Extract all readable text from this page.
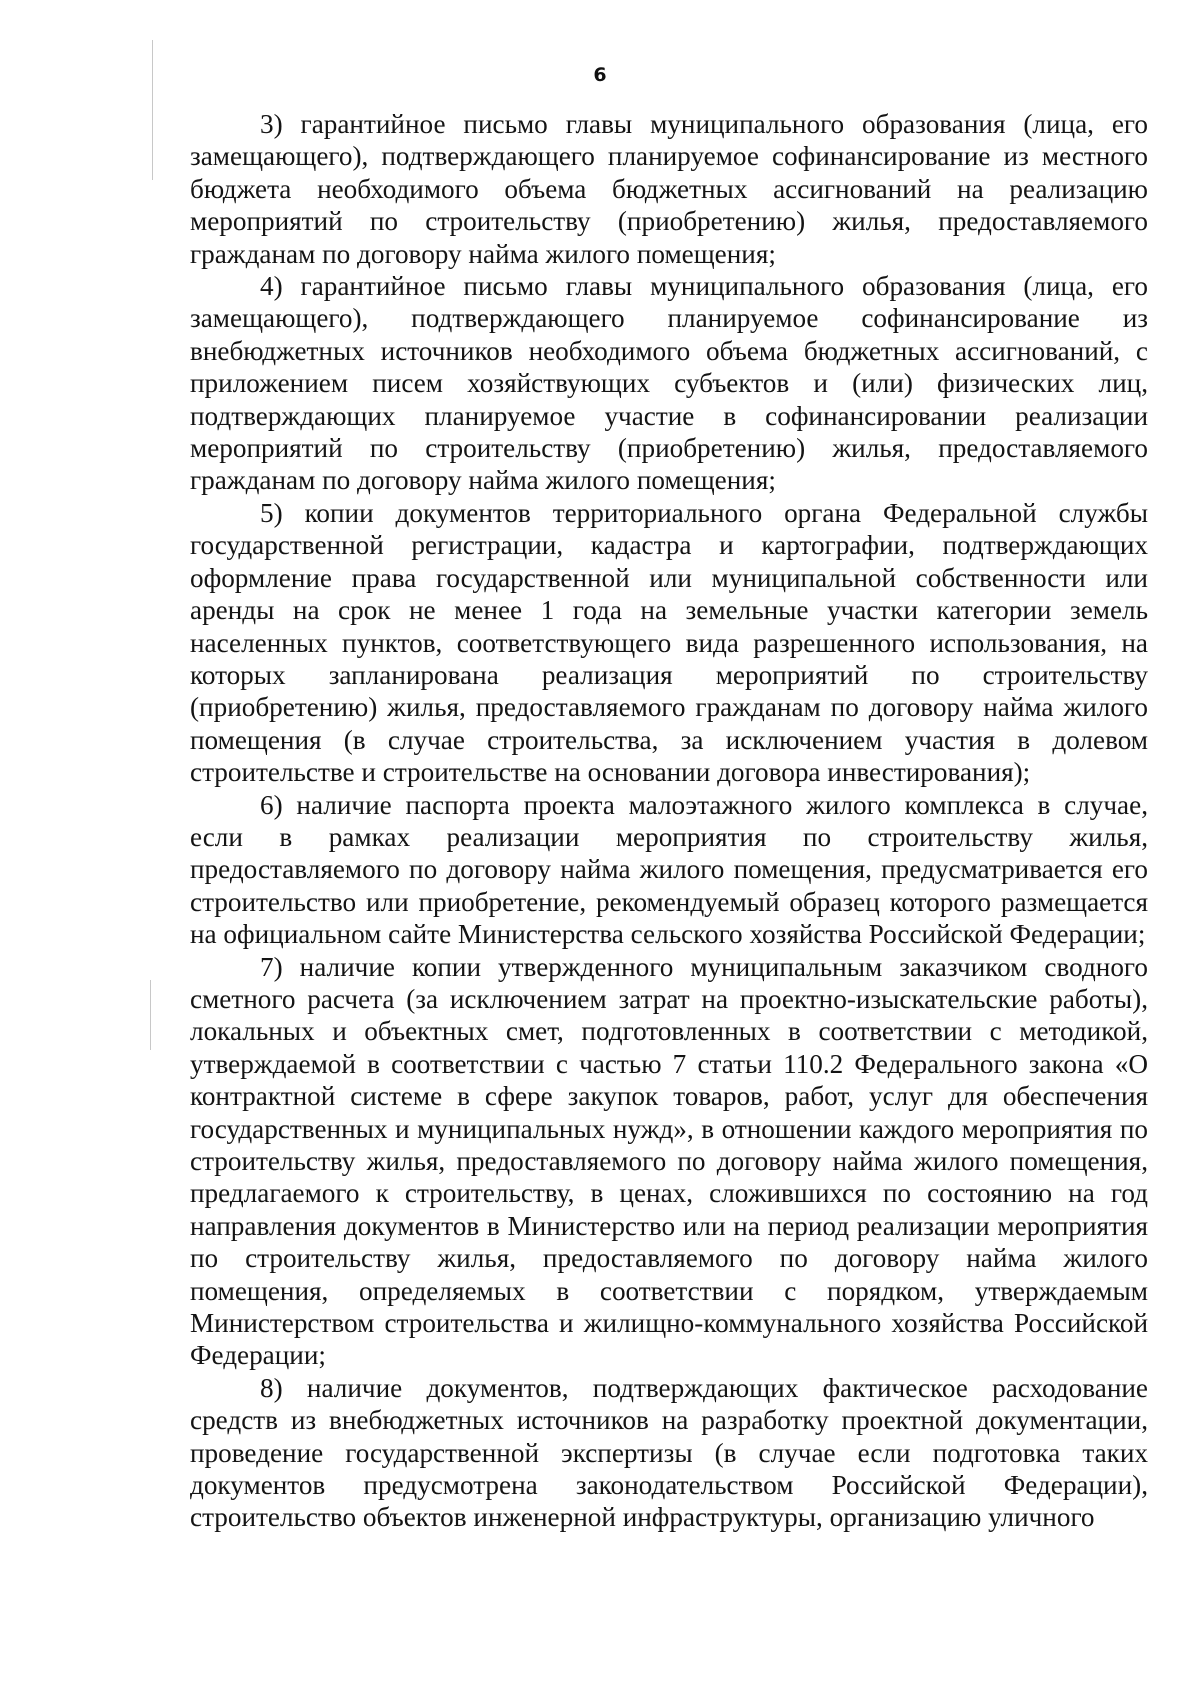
6

3) гарантийное письмо главы муниципального образования (лица, его замещающего), подтверждающего планируемое софинансирование из местного бюджета необходимого объема бюджетных ассигнований на реализацию мероприятий по строительству (приобретению) жилья, предоставляемого гражданам по договору найма жилого помещения;

4) гарантийное письмо главы муниципального образования (лица, его замещающего), подтверждающего планируемое софинансирование из внебюджетных источников необходимого объема бюджетных ассигнований, с приложением писем хозяйствующих субъектов и (или) физических лиц, подтверждающих планируемое участие в софинансировании реализации мероприятий по строительству (приобретению) жилья, предоставляемого гражданам по договору найма жилого помещения;

5) копии документов территориального органа Федеральной службы государственной регистрации, кадастра и картографии, подтверждающих оформление права государственной или муниципальной собственности или аренды на срок не менее 1 года на земельные участки категории земель населенных пунктов, соответствующего вида разрешенного использования, на которых запланирована реализация мероприятий по строительству (приобретению) жилья, предоставляемого гражданам по договору найма жилого помещения (в случае строительства, за исключением участия в долевом строительстве и строительстве на основании договора инвестирования);

6) наличие паспорта проекта малоэтажного жилого комплекса в случае, если в рамках реализации мероприятия по строительству жилья, предоставляемого по договору найма жилого помещения, предусматривается его строительство или приобретение, рекомендуемый образец которого размещается на официальном сайте Министерства сельского хозяйства Российской Федерации;

7) наличие копии утвержденного муниципальным заказчиком сводного сметного расчета (за исключением затрат на проектно-изыскательские работы), локальных и объектных смет, подготовленных в соответствии с методикой, утверждаемой в соответствии с частью 7 статьи 110.2 Федерального закона «О контрактной системе в сфере закупок товаров, работ, услуг для обеспечения государственных и муниципальных нужд», в отношении каждого мероприятия по строительству жилья, предоставляемого по договору найма жилого помещения, предлагаемого к строительству, в ценах, сложившихся по состоянию на год направления документов в Министерство или на период реализации мероприятия по строительству жилья, предоставляемого по договору найма жилого помещения, определяемых в соответствии с порядком, утверждаемым Министерством строительства и жилищно-коммунального хозяйства Российской Федерации;

8) наличие документов, подтверждающих фактическое расходование средств из внебюджетных источников на разработку проектной документации, проведение государственной экспертизы (в случае если подготовка таких документов предусмотрена законодательством Российской Федерации), строительство объектов инженерной инфраструктуры, организацию уличного
